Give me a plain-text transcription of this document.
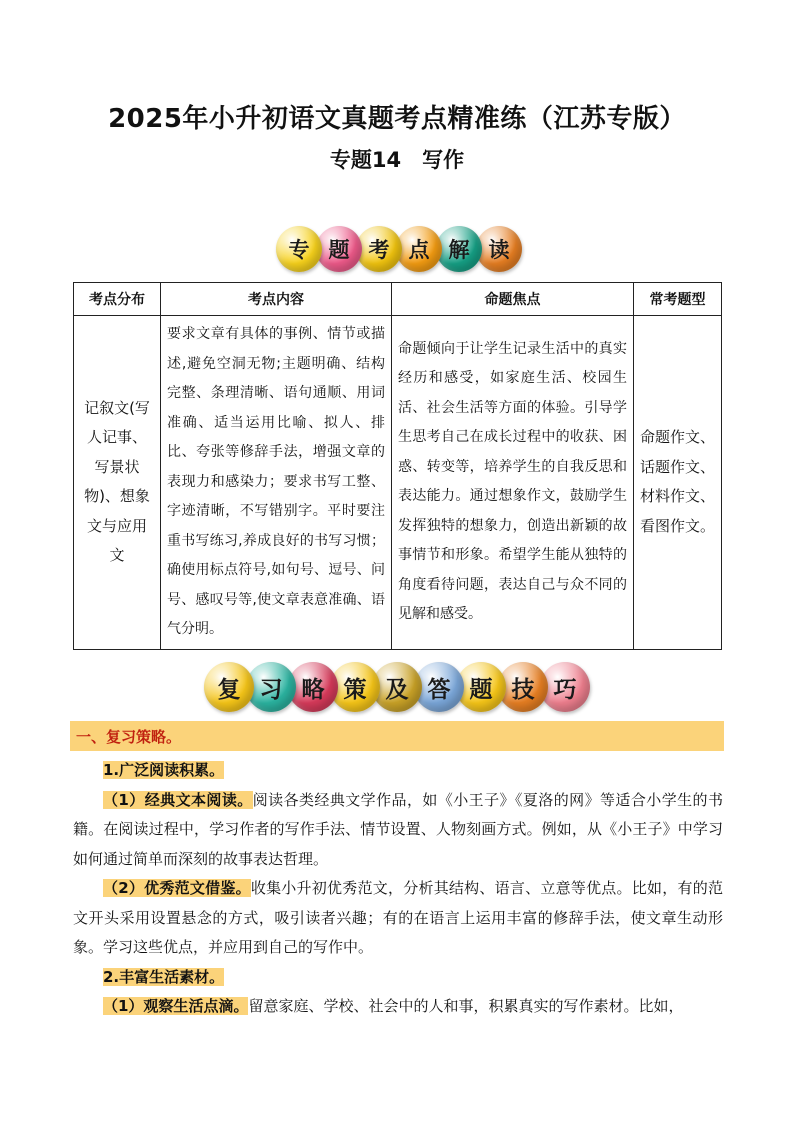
2025年小升初语文真题考点精准练（江苏专版）
专题14　写作
专 题 考 点 解 读
考点分布	考点内容	命题焦点	常考题型
记叙文(写人记事、写景状物)、想象文与应用文	要求文章有具体的事例、情节或描述,避免空洞无物;主题明确、结构完整、条理清晰、语句通顺、用词准确、适当运用比喻、拟人、排比、夸张等修辞手法，增强文章的表现力和感染力；要求书写工整、字迹清晰，不写错别字。平时要注重书写练习,养成良好的书写习惯；确使用标点符号,如句号、逗号、问号、感叹号等,使文章表意准确、语气分明。	命题倾向于让学生记录生活中的真实经历和感受，如家庭生活、校园生活、社会生活等方面的体验。引导学生思考自己在成长过程中的收获、困惑、转变等，培养学生的自我反思和表达能力。通过想象作文，鼓励学生发挥独特的想象力，创造出新颖的故事情节和形象。希望学生能从独特的角度看待问题，表达自己与众不同的见解和感受。	命题作文、话题作文、材料作文、看图作文。
复 习 略 策 及 答 题 技 巧
一、复习策略。

1.广泛阅读积累。

（1）经典文本阅读。阅读各类经典文学作品，如《小王子》《夏洛的网》等适合小学生的书籍。在阅读过程中，学习作者的写作手法、情节设置、人物刻画方式。例如，从《小王子》中学习如何通过简单而深刻的故事表达哲理。

（2）优秀范文借鉴。收集小升初优秀范文，分析其结构、语言、立意等优点。比如，有的范文开头采用设置悬念的方式，吸引读者兴趣；有的在语言上运用丰富的修辞手法，使文章生动形象。学习这些优点，并应用到自己的写作中。

2.丰富生活素材。

（1）观察生活点滴。留意家庭、学校、社会中的人和事，积累真实的写作素材。比如，
